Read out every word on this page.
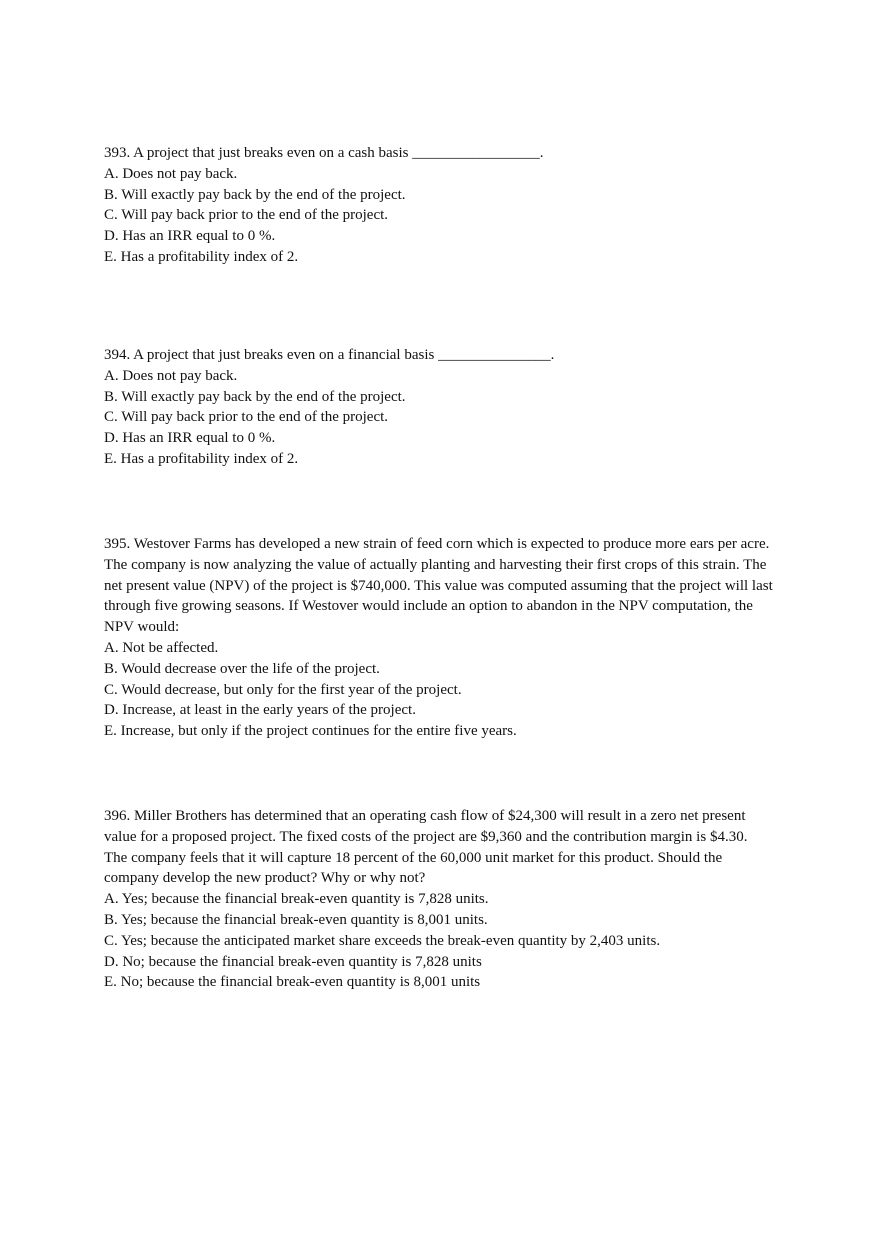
393. A project that just breaks even on a cash basis _________________.
A. Does not pay back.
B. Will exactly pay back by the end of the project.
C. Will pay back prior to the end of the project.
D. Has an IRR equal to 0 %.
E. Has a profitability index of 2.
394. A project that just breaks even on a financial basis _______________.
A. Does not pay back.
B. Will exactly pay back by the end of the project.
C. Will pay back prior to the end of the project.
D. Has an IRR equal to 0 %.
E. Has a profitability index of 2.
395. Westover Farms has developed a new strain of feed corn which is expected to produce more ears per acre. The company is now analyzing the value of actually planting and harvesting their first crops of this strain. The net present value (NPV) of the project is $740,000. This value was computed assuming that the project will last through five growing seasons. If Westover would include an option to abandon in the NPV computation, the NPV would:
A. Not be affected.
B. Would decrease over the life of the project.
C. Would decrease, but only for the first year of the project.
D. Increase, at least in the early years of the project.
E. Increase, but only if the project continues for the entire five years.
396. Miller Brothers has determined that an operating cash flow of $24,300 will result in a zero net present value for a proposed project. The fixed costs of the project are $9,360 and the contribution margin is $4.30. The company feels that it will capture 18 percent of the 60,000 unit market for this product. Should the company develop the new product? Why or why not?
A. Yes; because the financial break-even quantity is 7,828 units.
B. Yes; because the financial break-even quantity is 8,001 units.
C. Yes; because the anticipated market share exceeds the break-even quantity by 2,403 units.
D. No; because the financial break-even quantity is 7,828 units
E. No; because the financial break-even quantity is 8,001 units
